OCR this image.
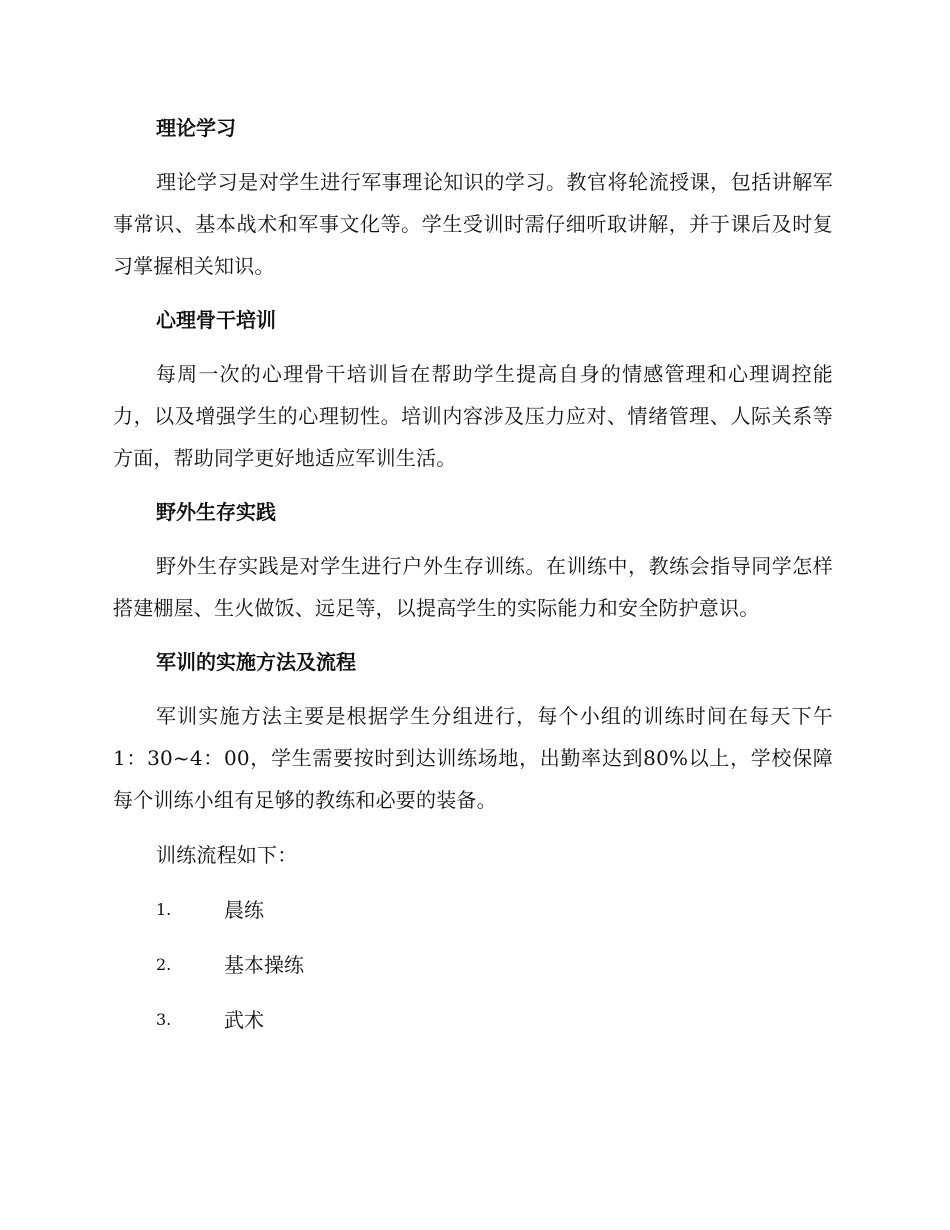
理论学习

理论学习是对学生进行军事理论知识的学习。教官将轮流授课，包括讲解军事常识、基本战术和军事文化等。学生受训时需仔细听取讲解，并于课后及时复习掌握相关知识。

心理骨干培训

每周一次的心理骨干培训旨在帮助学生提高自身的情感管理和心理调控能力，以及增强学生的心理韧性。培训内容涉及压力应对、情绪管理、人际关系等方面，帮助同学更好地适应军训生活。

野外生存实践

野外生存实践是对学生进行户外生存训练。在训练中，教练会指导同学怎样搭建棚屋、生火做饭、远足等，以提高学生的实际能力和安全防护意识。

军训的实施方法及流程

军训实施方法主要是根据学生分组进行，每个小组的训练时间在每天下午1：30~4：00，学生需要按时到达训练场地，出勤率达到80%以上，学校保障每个训练小组有足够的教练和必要的装备。

训练流程如下：

1.	晨练
2.	基本操练
3.	武术
